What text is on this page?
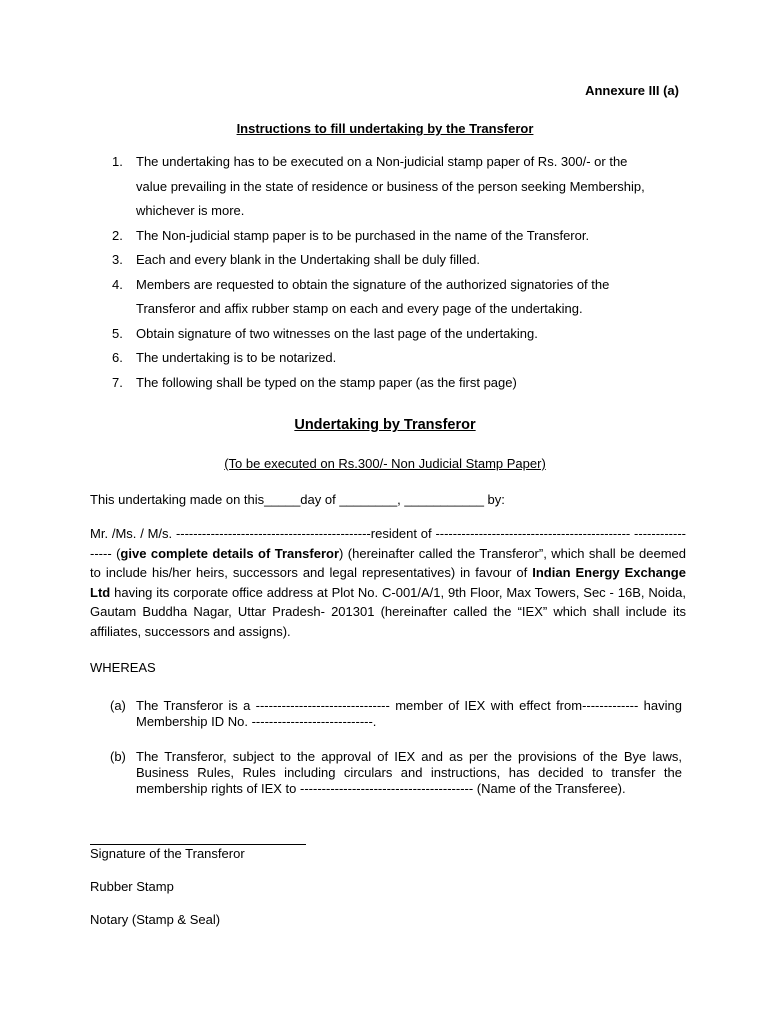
Annexure III (a)
Instructions to fill undertaking by the Transferor
1. The undertaking has to be executed on a Non-judicial stamp paper of Rs. 300/- or the
value prevailing in the state of residence or business of the person seeking Membership,
whichever is more.
2. The Non-judicial stamp paper is to be purchased in the name of the Transferor.
3. Each and every blank in the Undertaking shall be duly filled.
4. Members are requested to obtain the signature of the authorized signatories of the
Transferor and affix rubber stamp on each and every page of the undertaking.
5. Obtain signature of two witnesses on the last page of the undertaking.
6. The undertaking is to be notarized.
7. The following shall be typed on the stamp paper (as the first page)
Undertaking by Transferor
(To be executed on Rs.300/- Non Judicial Stamp Paper)
This undertaking made on this_____day of ________, ___________ by:
Mr. /Ms. / M/s. ---------------------------------------------resident of --------------------------------------------- ----------------- (give complete details of Transferor) (hereinafter called the Transferor”, which shall be deemed to include his/her heirs, successors and legal representatives) in favour of Indian Energy Exchange Ltd having its corporate office address at Plot No. C-001/A/1, 9th Floor, Max Towers, Sec - 16B, Noida, Gautam Buddha Nagar, Uttar Pradesh- 201301 (hereinafter called the “IEX” which shall include its affiliates, successors and assigns).
WHEREAS
(a) The Transferor is a ------------------------------- member of IEX with effect from------------- having Membership ID No. ----------------------------.
(b) The Transferor, subject to the approval of IEX and as per the provisions of the Bye laws, Business Rules, Rules including circulars and instructions, has decided to transfer the membership rights of IEX to ---------------------------------------- (Name of the Transferee).
Signature of the Transferor
Rubber Stamp
Notary (Stamp & Seal)
